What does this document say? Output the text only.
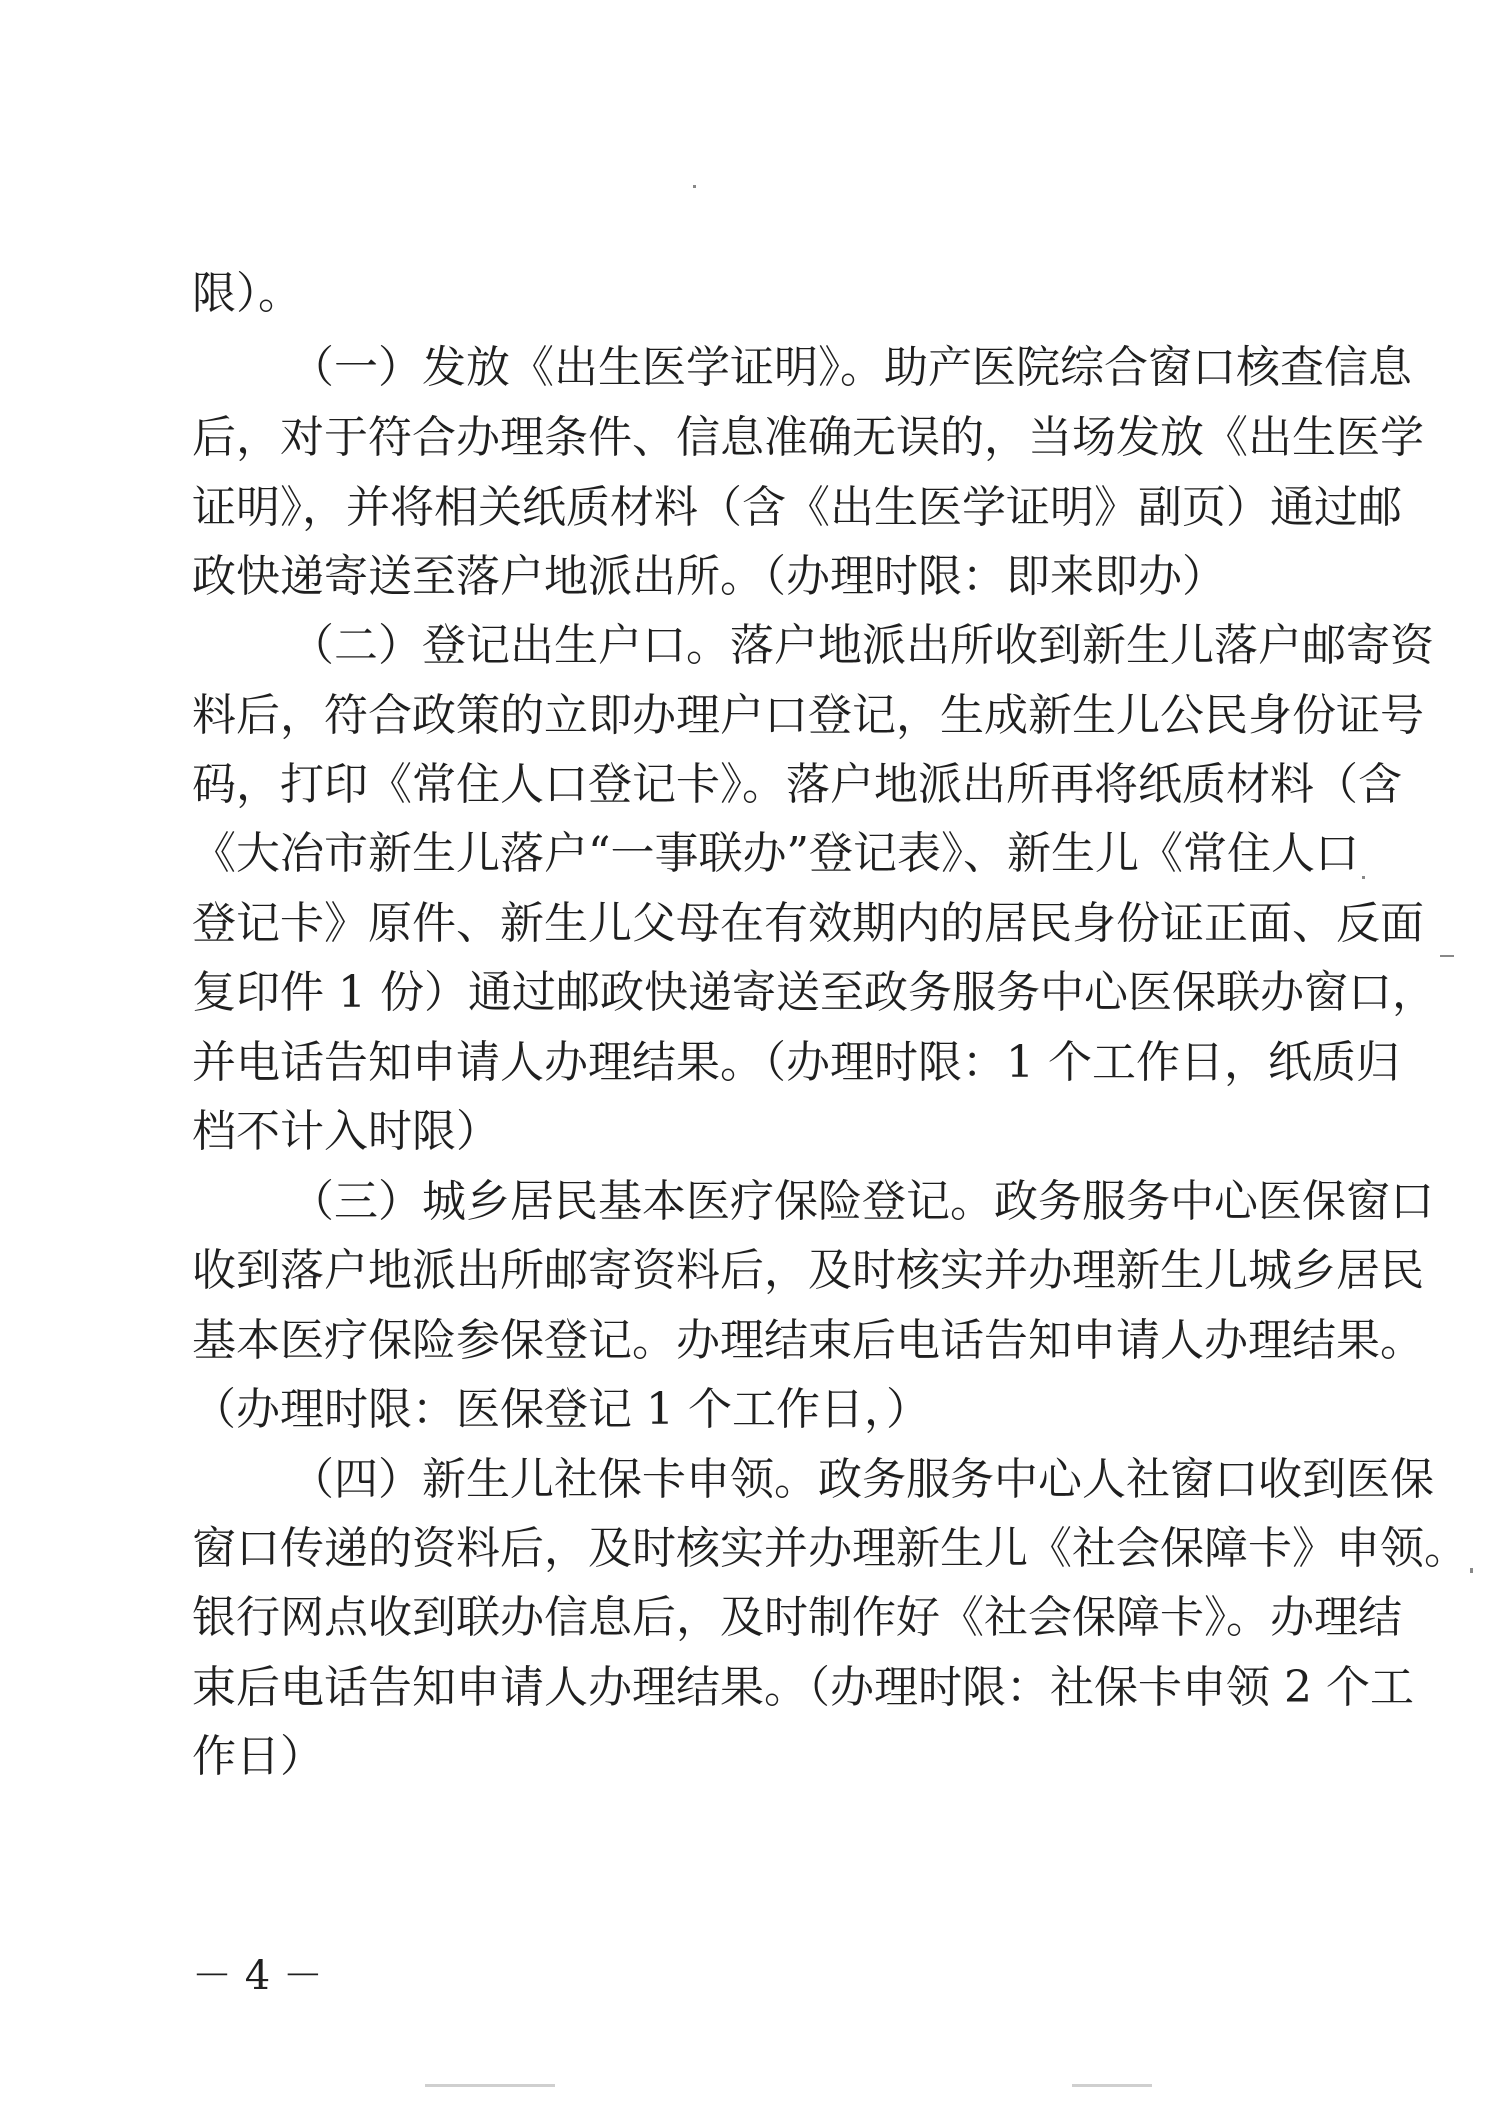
限）。
（一）发放《出生医学证明》。助产医院综合窗口核查信息
后，对于符合办理条件、信息准确无误的，当场发放《出生医学
证明》，并将相关纸质材料（含《出生医学证明》副页）通过邮
政快递寄送至落户地派出所。（办理时限：即来即办）
（二）登记出生户口。落户地派出所收到新生儿落户邮寄资
料后，符合政策的立即办理户口登记，生成新生儿公民身份证号
码，打印《常住人口登记卡》。落户地派出所再将纸质材料（含
《大冶市新生儿落户“一事联办”登记表》、新生儿《常住人口
登记卡》原件、新生儿父母在有效期内的居民身份证正面、反面
复印件 1 份）通过邮政快递寄送至政务服务中心医保联办窗口，
并电话告知申请人办理结果。（办理时限：1 个工作日，纸质归
档不计入时限）
（三）城乡居民基本医疗保险登记。政务服务中心医保窗口
收到落户地派出所邮寄资料后，及时核实并办理新生儿城乡居民
基本医疗保险参保登记。办理结束后电话告知申请人办理结果。
（办理时限：医保登记 1 个工作日，）
（四）新生儿社保卡申领。政务服务中心人社窗口收到医保
窗口传递的资料后，及时核实并办理新生儿《社会保障卡》申领。
银行网点收到联办信息后，及时制作好《社会保障卡》。办理结
束后电话告知申请人办理结果。（办理时限：社保卡申领 2 个工
作日）
－ 4 －
